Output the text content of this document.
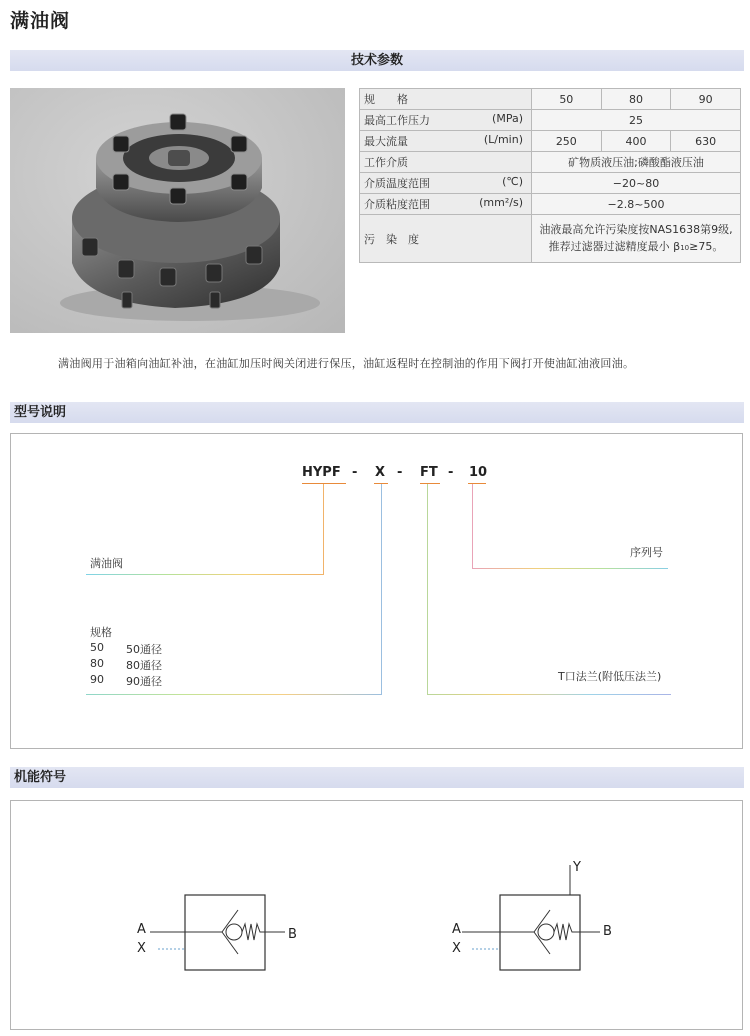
满油阀
技术参数
规　　格	50	80	90
最高工作压力 (MPa)	25		
最大流量 (L/min)	250	400	630
工作介质	矿物质液压油;磷酸酯液压油		
介质温度范围 (℃)	−20~80		
介质粘度范围 (mm²/s)	−2.8~500		
污　染　度	油液最高允许污染度按NAS1638第9级,
推荐过滤器过滤精度最小 β10≥75。		
满油阀用于油箱向油缸补油，在油缸加压时阀关闭进行保压，油缸返程时在控制油的作用下阀打开使油缸油液回油。
型号说明
HYPF - X - FT - 10
满油阀
序列号
规格
50 50通径
80 80通径
90 90通径	T口法兰(附低压法兰)
机能符号
A
X
B
Y
A
X
B
